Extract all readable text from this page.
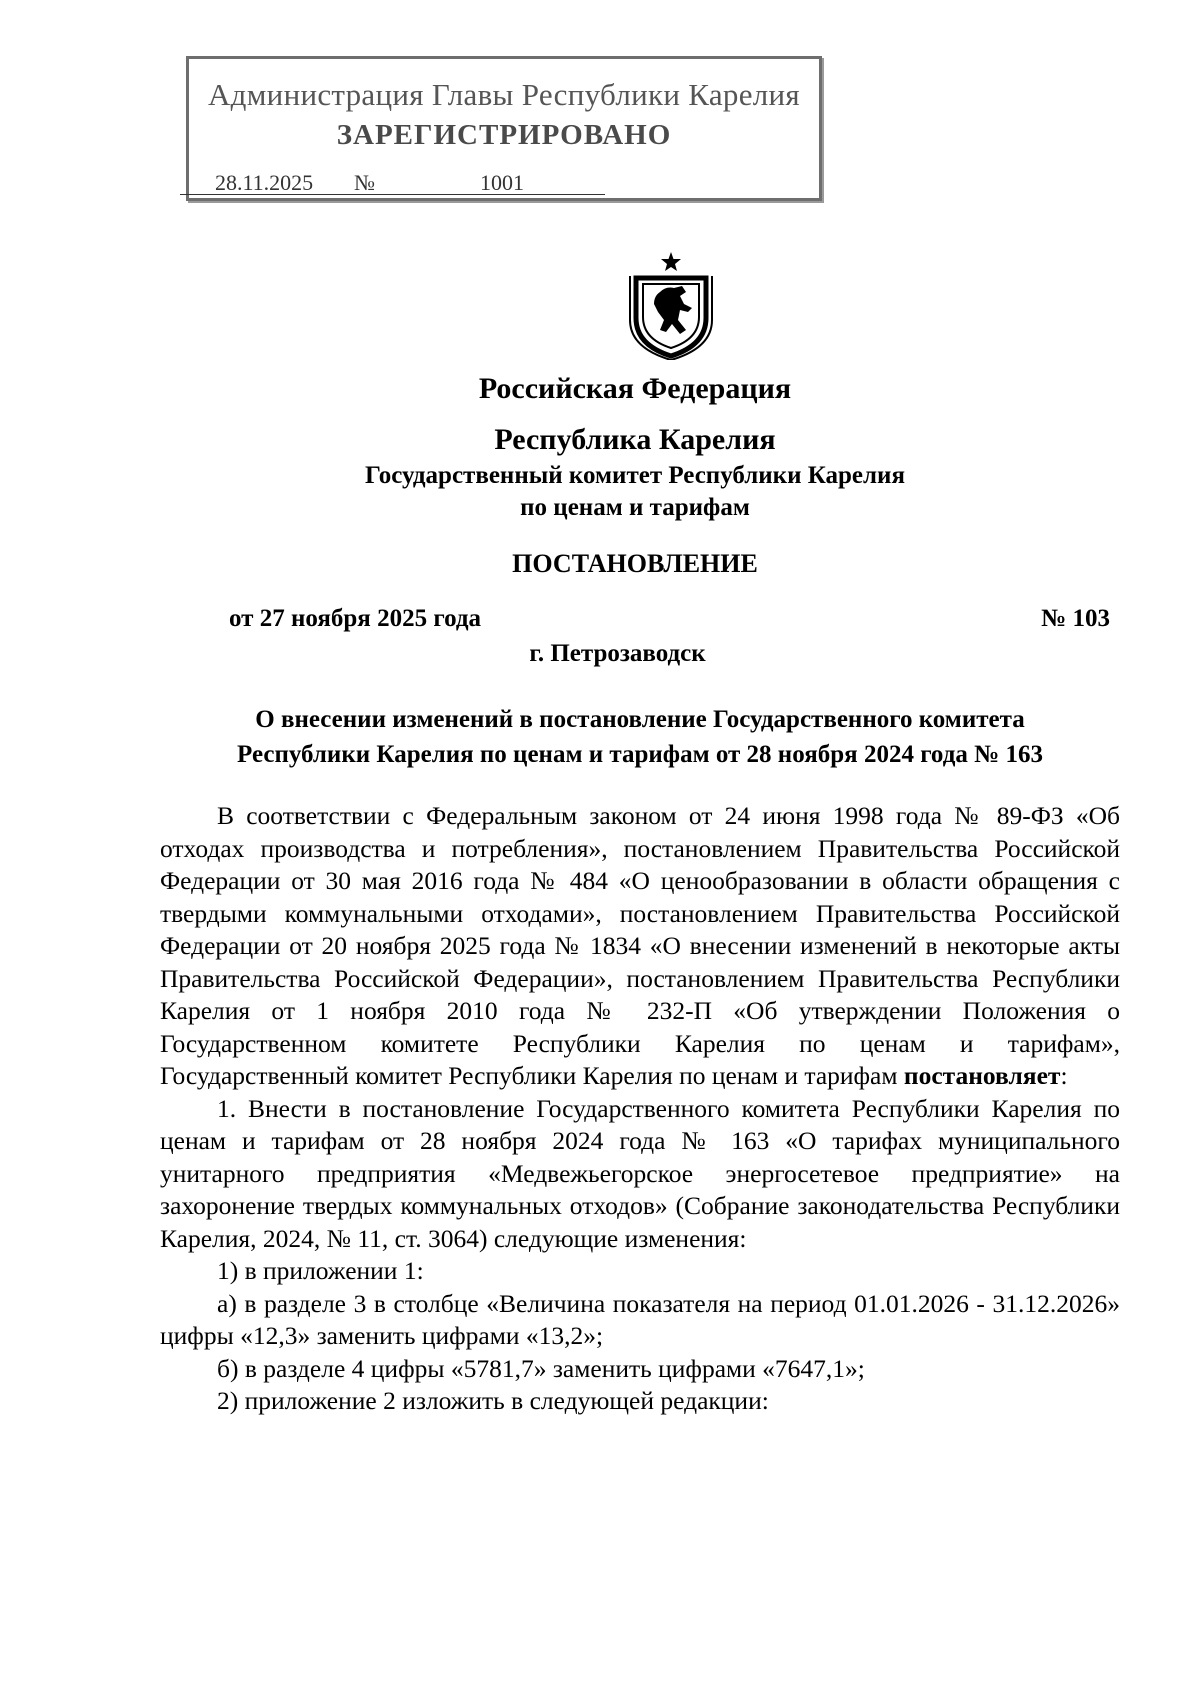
Администрация Главы Республики Карелия
ЗАРЕГИСТРИРОВАНО
28.11.2025 №	1001
Российская Федерация
Республика Карелия
Государственный комитет Республики Карелия
по ценам и тарифам
ПОСТАНОВЛЕНИЕ
от 27 ноября 2025 года	№ 103
г. Петрозаводск
О внесении изменений в постановление Государственного комитета
Республики Карелия по ценам и тарифам от 28 ноября 2024 года № 163

В соответствии с Федеральным законом от 24 июня 1998 года № 89-ФЗ «Об отходах производства и потребления», постановлением Правительства Российской Федерации от 30 мая 2016 года № 484 «О ценообразовании в области обращения с твердыми коммунальными отходами», постановлением Правительства Российской Федерации от 20 ноября 2025 года № 1834 «О внесении изменений в некоторые акты Правительства Российской Федерации», постановлением Правительства Республики Карелия от 1 ноября 2010 года № 232-П «Об утверждении Положения о Государственном комитете Республики Карелия по ценам и тарифам», Государственный комитет Республики Карелия по ценам и тарифам постановляет:

1. Внести в постановление Государственного комитета Республики Карелия по ценам и тарифам от 28 ноября 2024 года № 163 «О тарифах муниципального унитарного предприятия «Медвежьегорское энергосетевое предприятие» на захоронение твердых коммунальных отходов» (Собрание законодательства Республики Карелия, 2024, № 11, ст. 3064) следующие изменения:

1) в приложении 1:

а) в разделе 3 в столбце «Величина показателя на период 01.01.2026 - 31.12.2026» цифры «12,3» заменить цифрами «13,2»;

б) в разделе 4 цифры «5781,7» заменить цифрами «7647,1»;

2) приложение 2 изложить в следующей редакции:
